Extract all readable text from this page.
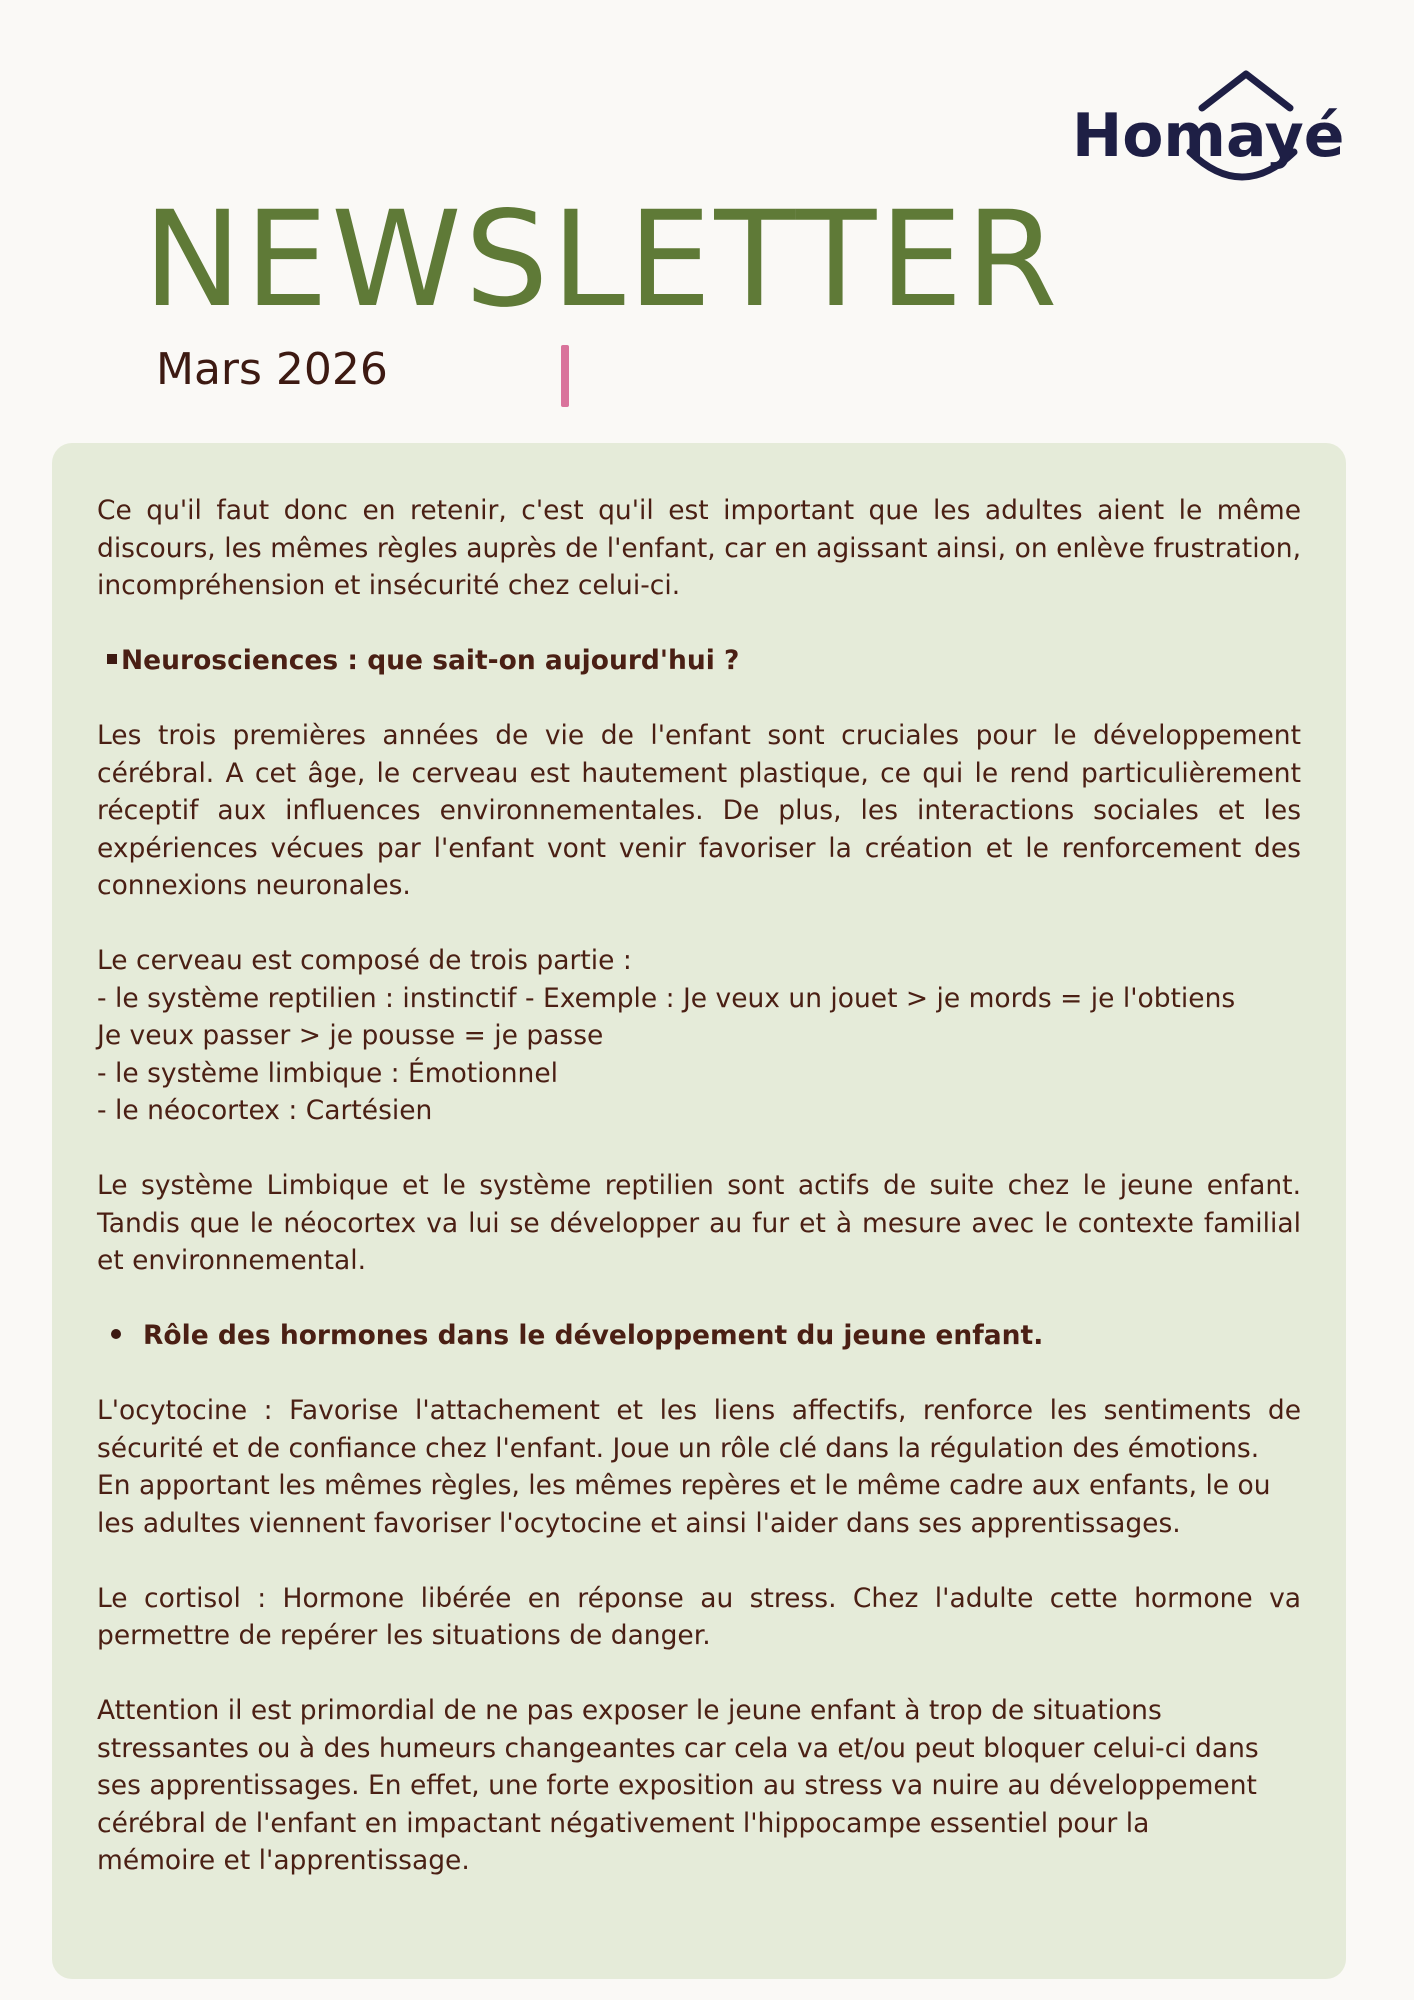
Homayé
NEWSLETTER
Mars 2026

Ce qu'il faut donc en retenir, c'est qu'il est important que les adultes aient le même discours, les mêmes règles auprès de l'enfant, car en agissant ainsi, on enlève frustration, incompréhension et insécurité chez celui-ci.

Neurosciences : que sait-on aujourd'hui ?

Les trois premières années de vie de l'enfant sont cruciales pour le développement cérébral. A cet âge, le cerveau est hautement plastique, ce qui le rend particulièrement réceptif aux influences environnementales. De plus, les interactions sociales et les expériences vécues par l'enfant vont venir favoriser la création et le renforcement des connexions neuronales.

Le cerveau est composé de trois partie :

- le système reptilien : instinctif - Exemple : Je veux un jouet > je mords = je l'obtiens

Je veux passer > je pousse = je passe

- le système limbique : Émotionnel

- le néocortex : Cartésien

Le système Limbique et le système reptilien sont actifs de suite chez le jeune enfant. Tandis que le néocortex va lui se développer au fur et à mesure avec le contexte familial et environnemental.

Rôle des hormones dans le développement du jeune enfant.

L'ocytocine : Favorise l'attachement et les liens affectifs, renforce les sentiments de sécurité et de confiance chez l'enfant. Joue un rôle clé dans la régulation des émotions.

En apportant les mêmes règles, les mêmes repères et le même cadre aux enfants, le ou

les adultes viennent favoriser l'ocytocine et ainsi l'aider dans ses apprentissages.

Le cortisol : Hormone libérée en réponse au stress. Chez l'adulte cette hormone va permettre de repérer les situations de danger.

Attention il est primordial de ne pas exposer le jeune enfant à trop de situations

stressantes ou à des humeurs changeantes car cela va et/ou peut bloquer celui-ci dans

ses apprentissages. En effet, une forte exposition au stress va nuire au développement

cérébral de l'enfant en impactant négativement l'hippocampe essentiel pour la

mémoire et l'apprentissage.
